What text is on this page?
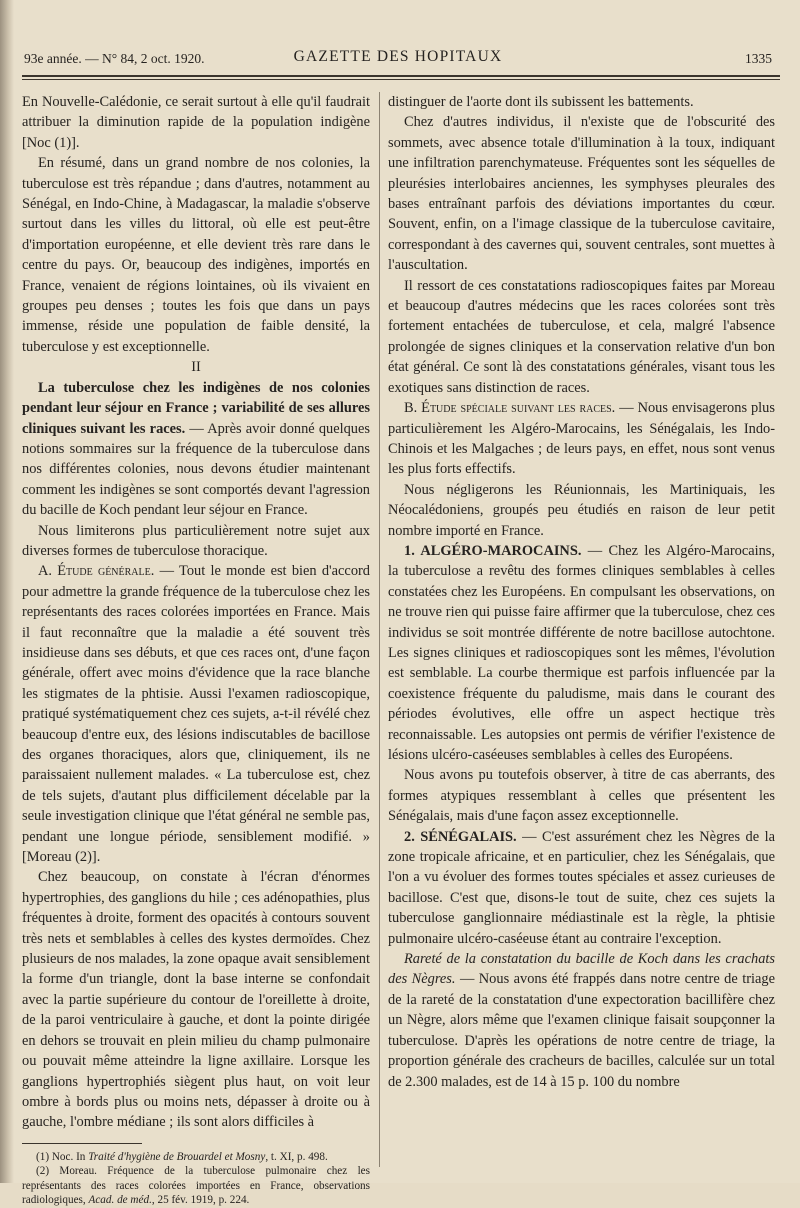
93e année. — N° 84, 2 oct. 1920.	GAZETTE DES HOPITAUX	1335

En Nouvelle-Calédonie, ce serait surtout à elle qu'il faudrait attribuer la diminution rapide de la population indigène [Noc (1)].

En résumé, dans un grand nombre de nos colonies, la tuberculose est très répandue ; dans d'autres, notamment au Sénégal, en Indo-Chine, à Madagascar, la maladie s'observe surtout dans les villes du littoral, où elle est peut-être d'importation européenne, et elle devient très rare dans le centre du pays. Or, beaucoup des indigènes, importés en France, venaient de régions lointaines, où ils vivaient en groupes peu denses ; toutes les fois que dans un pays immense, réside une population de faible densité, la tuberculose y est exceptionnelle.

II

La tuberculose chez les indigènes de nos colonies pendant leur séjour en France ; variabilité de ses allures cliniques suivant les races. — Après avoir donné quelques notions sommaires sur la fréquence de la tuberculose dans nos différentes colonies, nous devons étudier maintenant comment les indigènes se sont comportés devant l'agression du bacille de Koch pendant leur séjour en France.

Nous limiterons plus particulièrement notre sujet aux diverses formes de tuberculose thoracique.

A. Étude générale. — Tout le monde est bien d'accord pour admettre la grande fréquence de la tuberculose chez les représentants des races colorées importées en France. Mais il faut reconnaître que la maladie a été souvent très insidieuse dans ses débuts, et que ces races ont, d'une façon générale, offert avec moins d'évidence que la race blanche les stigmates de la phtisie. Aussi l'examen radioscopique, pratiqué systématiquement chez ces sujets, a-t-il révélé chez beaucoup d'entre eux, des lésions indiscutables de bacillose des organes thoraciques, alors que, cliniquement, ils ne paraissaient nullement malades. « La tuberculose est, chez de tels sujets, d'autant plus difficilement décelable par la seule investigation clinique que l'état général ne semble pas, pendant une longue période, sensiblement modifié. » [Moreau (2)].

Chez beaucoup, on constate à l'écran d'énormes hypertrophies, des ganglions du hile ; ces adénopathies, plus fréquentes à droite, forment des opacités à contours souvent très nets et semblables à celles des kystes dermoïdes. Chez plusieurs de nos malades, la zone opaque avait sensiblement la forme d'un triangle, dont la base interne se confondait avec la partie supérieure du contour de l'oreillette à droite, de la paroi ventriculaire à gauche, et dont la pointe dirigée en dehors se trouvait en plein milieu du champ pulmonaire ou pouvait même atteindre la ligne axillaire. Lorsque les ganglions hypertrophiés siègent plus haut, on voit leur ombre à bords plus ou moins nets, dépasser à droite ou à gauche, l'ombre médiane ; ils sont alors difficiles à

(1) Noc. In Traité d'hygiène de Brouardel et Mosny, t. XI, p. 498.

(2) Moreau. Fréquence de la tuberculose pulmonaire chez les représentants des races colorées importées en France, observations radiologiques, Acad. de méd., 25 fév. 1919, p. 224.

distinguer de l'aorte dont ils subissent les battements.

Chez d'autres individus, il n'existe que de l'obscurité des sommets, avec absence totale d'illumination à la toux, indiquant une infiltration parenchymateuse. Fréquentes sont les séquelles de pleurésies interlobaires anciennes, les symphyses pleurales des bases entraînant parfois des déviations importantes du cœur. Souvent, enfin, on a l'image classique de la tuberculose cavitaire, correspondant à des cavernes qui, souvent centrales, sont muettes à l'auscultation.

Il ressort de ces constatations radioscopiques faites par Moreau et beaucoup d'autres médecins que les races colorées sont très fortement entachées de tuberculose, et cela, malgré l'absence prolongée de signes cliniques et la conservation relative d'un bon état général. Ce sont là des constatations générales, visant tous les exotiques sans distinction de races.

B. Étude spéciale suivant les races. — Nous envisagerons plus particulièrement les Algéro-Marocains, les Sénégalais, les Indo-Chinois et les Malgaches ; de leurs pays, en effet, nous sont venus les plus forts effectifs.

Nous négligerons les Réunionnais, les Martiniquais, les Néocalédoniens, groupés peu étudiés en raison de leur petit nombre importé en France.

1. ALGÉRO-MAROCAINS. — Chez les Algéro-Marocains, la tuberculose a revêtu des formes cliniques semblables à celles constatées chez les Européens. En compulsant les observations, on ne trouve rien qui puisse faire affirmer que la tuberculose, chez ces individus se soit montrée différente de notre bacillose autochtone. Les signes cliniques et radioscopiques sont les mêmes, l'évolution est semblable. La courbe thermique est parfois influencée par la coexistence fréquente du paludisme, mais dans le courant des périodes évolutives, elle offre un aspect hectique très reconnaissable. Les autopsies ont permis de vérifier l'existence de lésions ulcéro-caséeuses semblables à celles des Européens.

Nous avons pu toutefois observer, à titre de cas aberrants, des formes atypiques ressemblant à celles que présentent les Sénégalais, mais d'une façon assez exceptionnelle.

2. SÉNÉGALAIS. — C'est assurément chez les Nègres de la zone tropicale africaine, et en particulier, chez les Sénégalais, que l'on a vu évoluer des formes toutes spéciales et assez curieuses de bacillose. C'est que, disons-le tout de suite, chez ces sujets la tuberculose ganglionnaire médiastinale est la règle, la phtisie pulmonaire ulcéro-caséeuse étant au contraire l'exception.

Rareté de la constatation du bacille de Koch dans les crachats des Nègres. — Nous avons été frappés dans notre centre de triage de la rareté de la constatation d'une expectoration bacillifère chez un Nègre, alors même que l'examen clinique faisait soupçonner la tuberculose. D'après les opérations de notre centre de triage, la proportion générale des cracheurs de bacilles, calculée sur un total de 2.300 malades, est de 14 à 15 p. 100 du nombre
